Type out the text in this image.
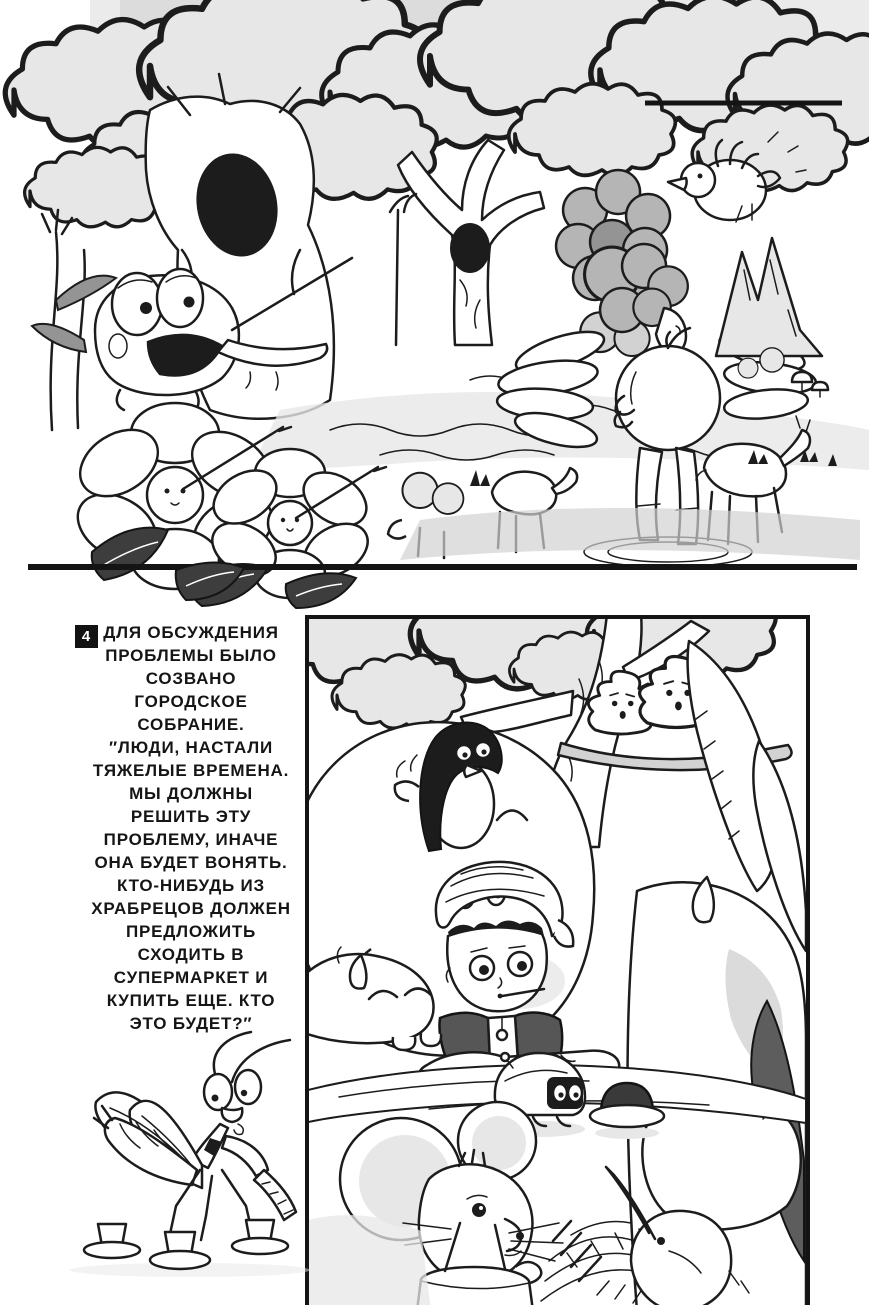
4 ДЛЯ ОБСУЖДЕНИЯ
ПРОБЛЕМЫ БЫЛО
СОЗВАНО
ГОРОДСКОЕ
СОБРАНИЕ.
″ЛЮДИ, НАСТАЛИ
ТЯЖЕЛЫЕ ВРЕМЕНА.
МЫ ДОЛЖНЫ
РЕШИТЬ ЭТУ
ПРОБЛЕМУ, ИНАЧЕ
ОНА БУДЕТ ВОНЯТЬ.
КТО-НИБУДЬ ИЗ
ХРАБРЕЦОВ ДОЛЖЕН
ПРЕДЛОЖИТЬ
СХОДИТЬ В
СУПЕРМАРКЕТ И
КУПИТЬ ЕЩЕ. КТО
ЭТО БУДЕТ?″
